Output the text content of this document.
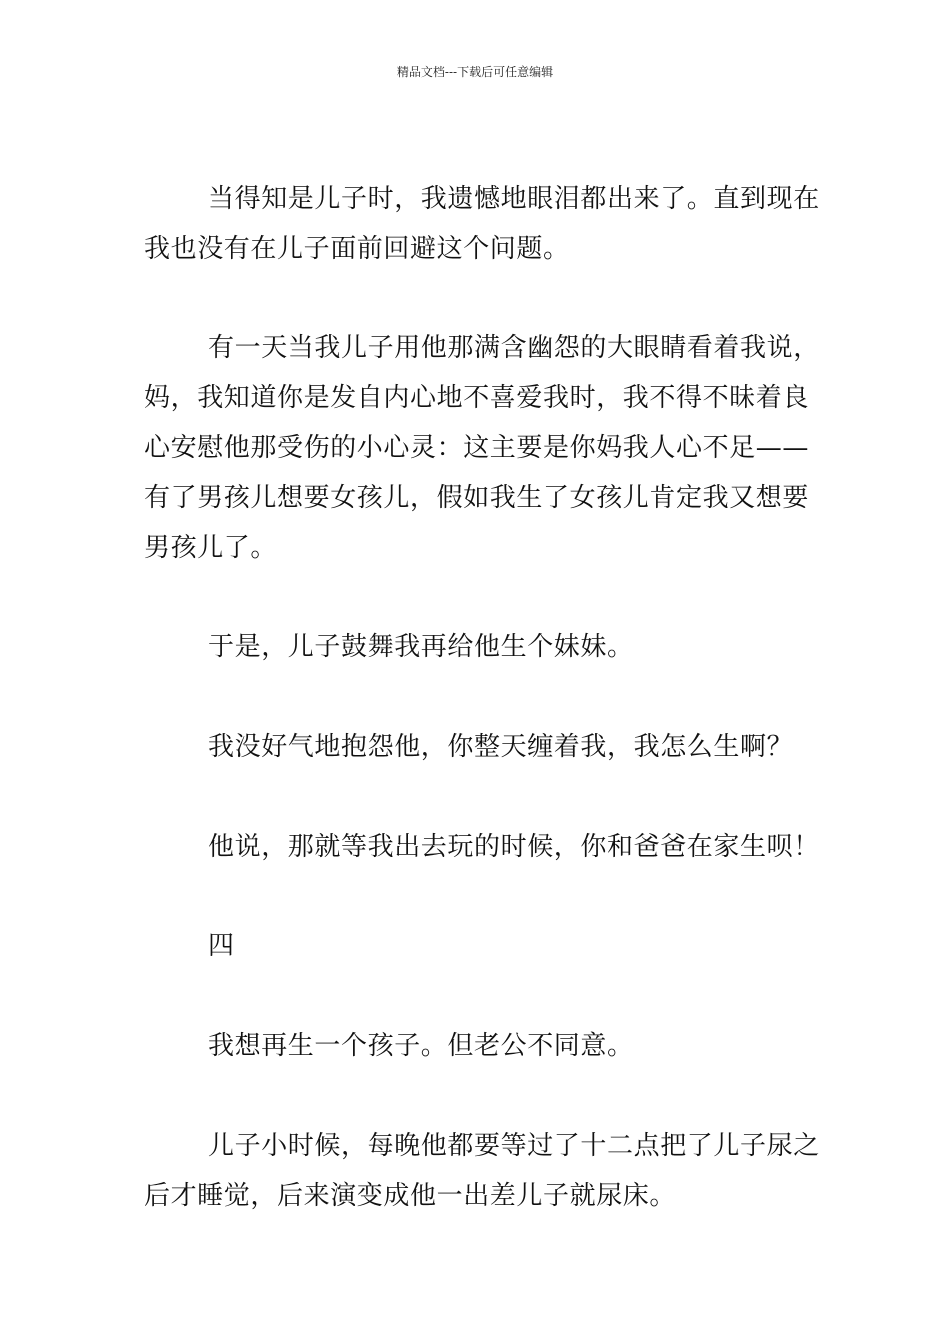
精品文档---下载后可任意编辑

当得知是儿子时，我遗憾地眼泪都出来了。直到现在
我也没有在儿子面前回避这个问题。

有一天当我儿子用他那满含幽怨的大眼睛看着我说，
妈，我知道你是发自内心地不喜爱我时，我不得不昧着良
心安慰他那受伤的小心灵：这主要是你妈我人心不足——
有了男孩儿想要女孩儿，假如我生了女孩儿肯定我又想要
男孩儿了。

于是，儿子鼓舞我再给他生个妹妹。

我没好气地抱怨他，你整天缠着我，我怎么生啊？

他说，那就等我出去玩的时候，你和爸爸在家生呗！

四

我想再生一个孩子。但老公不同意。

儿子小时候，每晚他都要等过了十二点把了儿子尿之
后才睡觉，后来演变成他一出差儿子就尿床。
